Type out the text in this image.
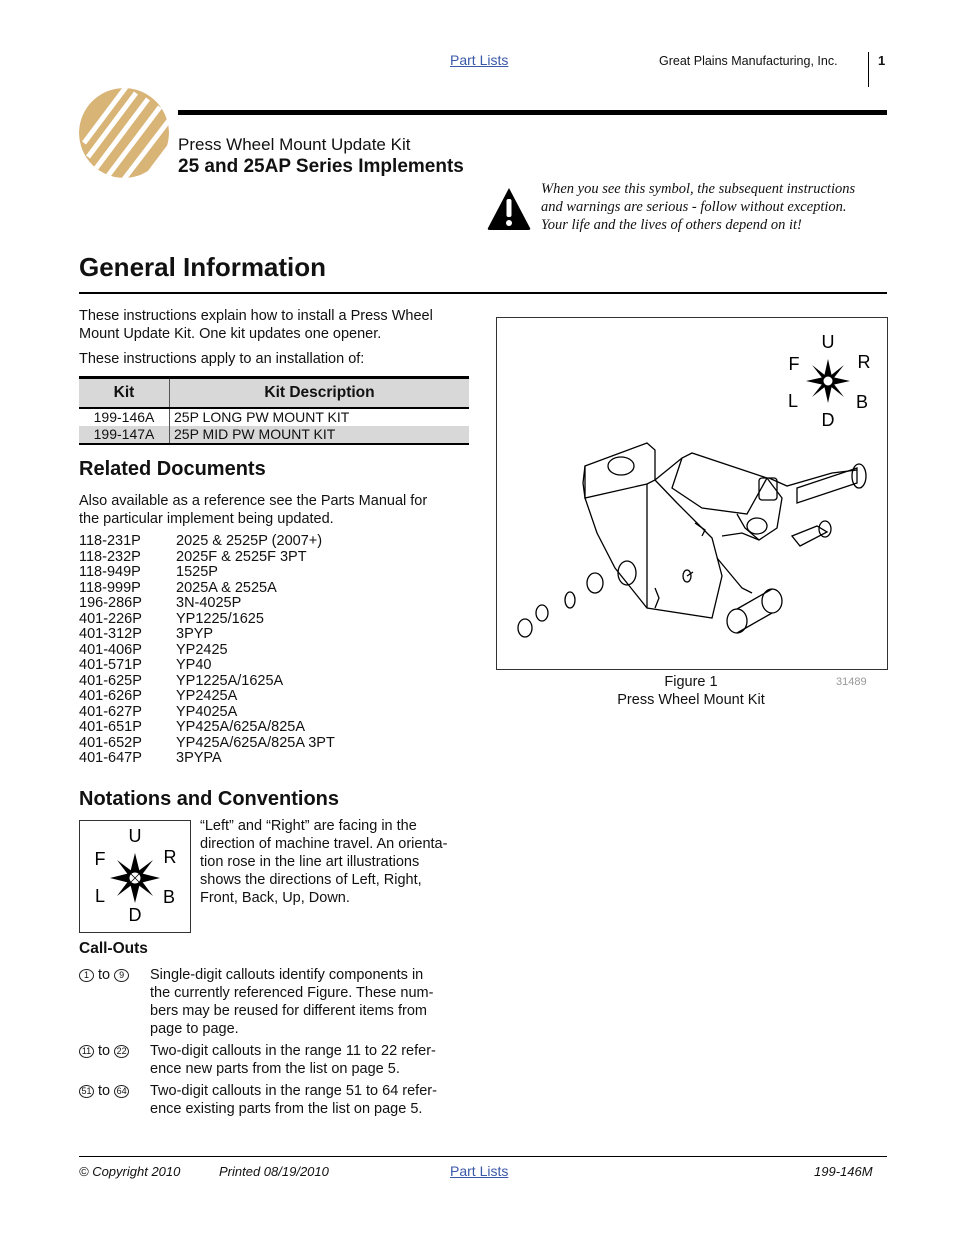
Part Lists	Great Plains Manufacturing, Inc.	1
Press Wheel Mount Update Kit
25 and 25AP Series Implements
When you see this symbol, the subsequent instructions
and warnings are serious - follow without exception.
Your life and the lives of others depend on it!
General Information
These instructions explain how to install a Press Wheel
Mount Update Kit. One kit updates one opener.
These instructions apply to an installation of:
Kit	Kit Description
199-146A	25P LONG PW MOUNT KIT
199-147A	25P MID PW MOUNT KIT
Related Documents
Also available as a reference see the Parts Manual for
the particular implement being updated.
118-231P	2025 & 2525P (2007+)
118-232P	2025F & 2525F 3PT
118-949P	1525P
118-999P	2025A & 2525A
196-286P	3N-4025P
401-226P	YP1225/1625
401-312P	3PYP
401-406P	YP2425
401-571P	YP40
401-625P	YP1225A/1625A
401-626P	YP2425A
401-627P	YP4025A
401-651P	YP425A/625A/825A
401-652P	YP425A/625A/825A 3PT
401-647P	3PYPA
Notations and Conventions
U
D
F	R
L	B
“Left” and “Right” are facing in the
direction of machine travel. An orienta-
tion rose in the line art illustrations
shows the directions of Left, Right,
Front, Back, Up, Down.
Call-Outs
1 to 9	Single-digit callouts identify components in
the currently referenced Figure. These num-
bers may be reused for different items from
page to page.
11 to 22	Two-digit callouts in the range 11 to 22 refer-
ence new parts from the list on page 5.
51 to 64	Two-digit callouts in the range 51 to 64 refer-
ence existing parts from the list on page 5.
U
D
F	R
L	B
Figure 1
Press Wheel Mount Kit
31489
© Copyright 2010	Printed 08/19/2010	Part Lists	199-146M
